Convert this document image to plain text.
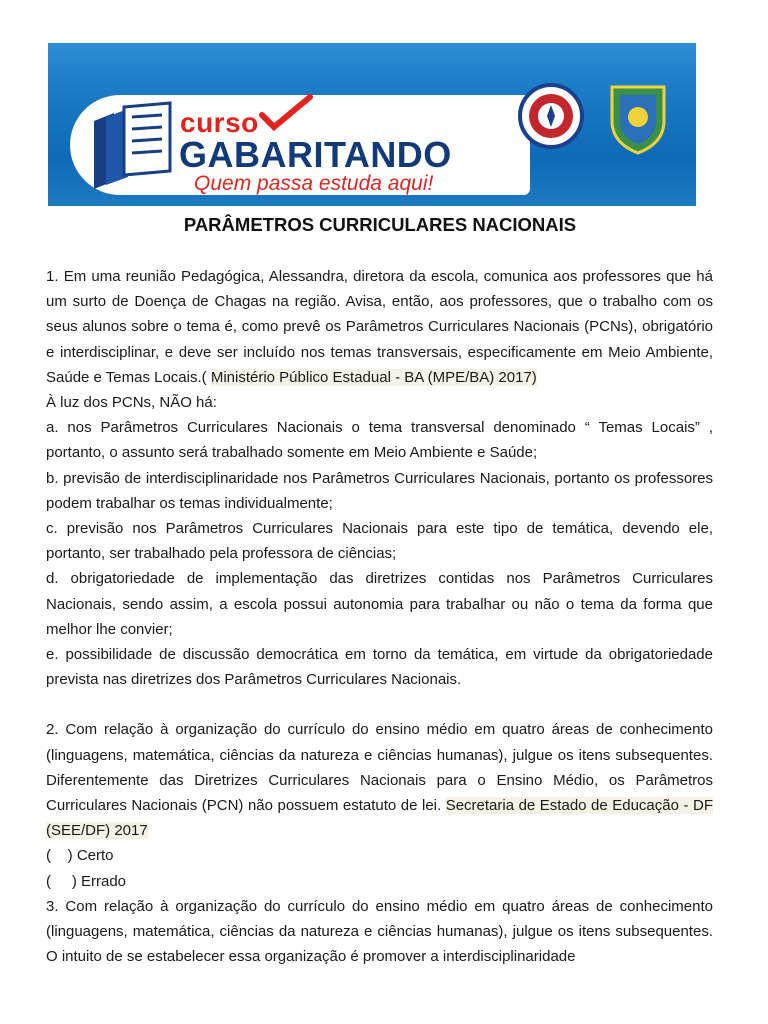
curso
GABARITANDO
Quem passa estuda aqui!
PARÂMETROS CURRICULARES NACIONAIS

1. Em uma reunião Pedagógica, Alessandra, diretora da escola, comunica aos professores que há um surto de Doença de Chagas na região. Avisa, então, aos professores, que o trabalho com os seus alunos sobre o tema é, como prevê os Parâmetros Curriculares Nacionais (PCNs), obrigatório e interdisciplinar, e deve ser incluído nos temas transversais, especificamente em Meio Ambiente, Saúde e Temas Locais.( Ministério Público Estadual - BA (MPE/BA) 2017)

À luz dos PCNs, NÃO há:

a. nos Parâmetros Curriculares Nacionais o tema transversal denominado “ Temas Locais” , portanto, o assunto será trabalhado somente em Meio Ambiente e Saúde;

b. previsão de interdisciplinaridade nos Parâmetros Curriculares Nacionais, portanto os professores podem trabalhar os temas individualmente;

c. previsão nos Parâmetros Curriculares Nacionais para este tipo de temática, devendo ele, portanto, ser trabalhado pela professora de ciências;

d. obrigatoriedade de implementação das diretrizes contidas nos Parâmetros Curriculares Nacionais, sendo assim, a escola possui autonomia para trabalhar ou não o tema da forma que melhor lhe convier;

e. possibilidade de discussão democrática em torno da temática, em virtude da obrigatoriedade prevista nas diretrizes dos Parâmetros Curriculares Nacionais.

2. Com relação à organização do currículo do ensino médio em quatro áreas de conhecimento (linguagens, matemática, ciências da natureza e ciências humanas), julgue os itens subsequentes. Diferentemente das Diretrizes Curriculares Nacionais para o Ensino Médio, os Parâmetros Curriculares Nacionais (PCN) não possuem estatuto de lei. Secretaria de Estado de Educação - DF (SEE/DF) 2017

(    ) Certo

(     ) Errado

3. Com relação à organização do currículo do ensino médio em quatro áreas de conhecimento (linguagens, matemática, ciências da natureza e ciências humanas), julgue os itens subsequentes. O intuito de se estabelecer essa organização é promover a interdisciplinaridade
